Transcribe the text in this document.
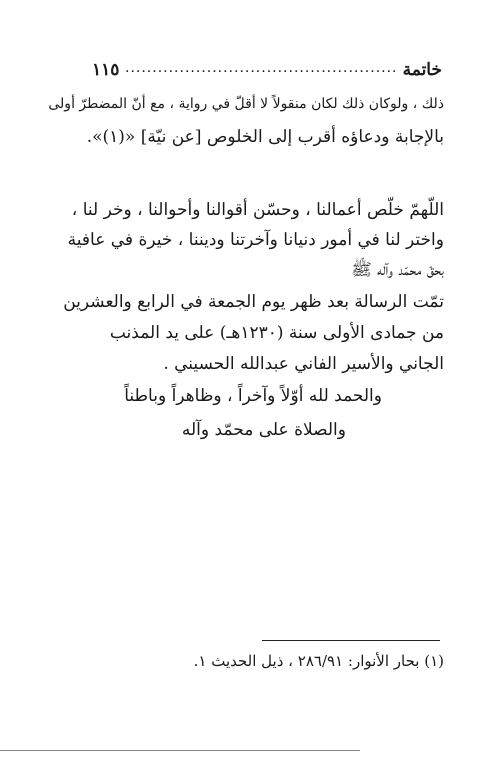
خاتمة
..................................................
١١٥
ذلك ، ولوكان ذلك لكان منقولاً لا أقلّ في رواية ، مع أنّ المضطرّ أولى
بالإجابة ودعاؤه أقرب إلى الخلوص [عن نيّة] «(١)».
اللّهمّ خلّص أعمالنا ، وحسّن أقوالنا وأحوالنا ، وخر لنا ،
واختر لنا في أمور دنيانا وآخرتنا وديننا ، خيرة في عافية
بحقّ محمّد وآله ﷺ
تمّت الرسالة بعد ظهر يوم الجمعة في الرابع والعشرين
من جمادى الأولى سنة (١٢٣٠هـ) على يد المذنب
الجاني والأسير الفاني عبدالله الحسيني .
والحمد لله أوّلاً وآخراً ، وظاهراً وباطناً
والصلاة على محمّد وآله
(١) بحار الأنوار: ٢٨٦/٩١ ، ذيل الحديث ١.
